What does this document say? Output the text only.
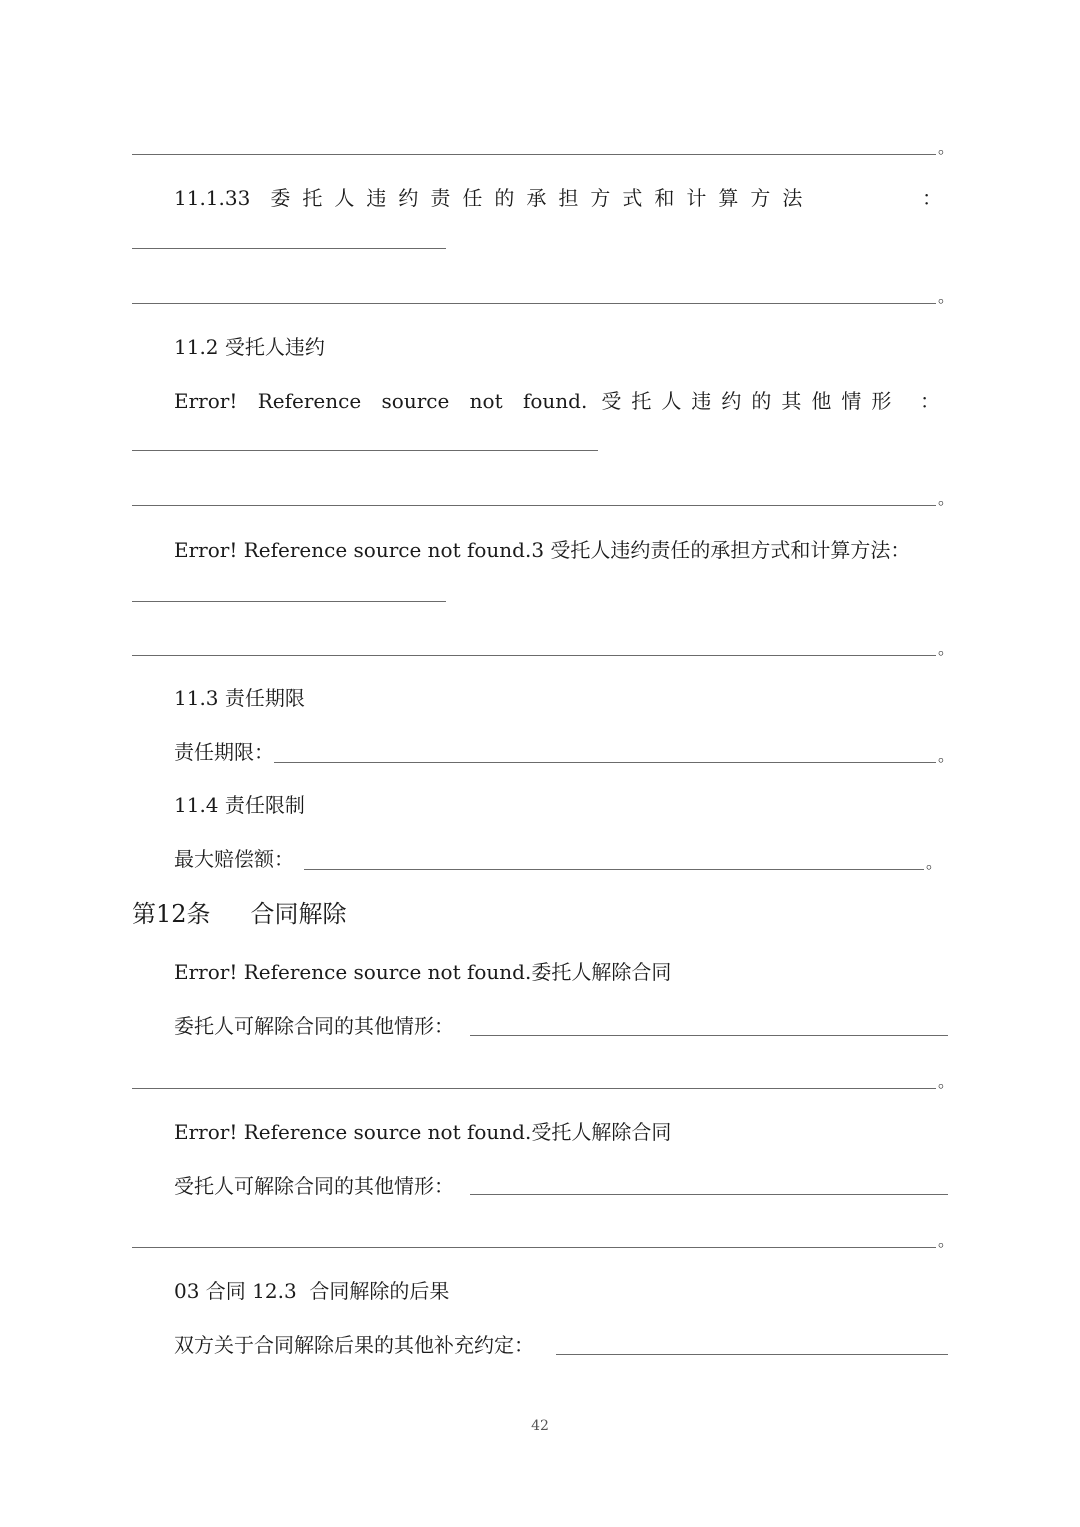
。
11.1.33 委托人违约责任的承担方式和计算方法	：
。
11.2 受托人违约
Error! Reference source not found. 受托人违约的其他情形 ：
。
Error! Reference source not found.3 受托人违约责任的承担方式和计算方法：
。
11.3 责任期限
责任期限：	。
11.4 责任限制
最大赔偿额：	。
第12条 合同解除
Error! Reference source not found.委托人解除合同
委托人可解除合同的其他情形：
。
Error! Reference source not found.受托人解除合同
受托人可解除合同的其他情形：
。
03 合同 12.3  合同解除的后果
双方关于合同解除后果的其他补充约定：
42
